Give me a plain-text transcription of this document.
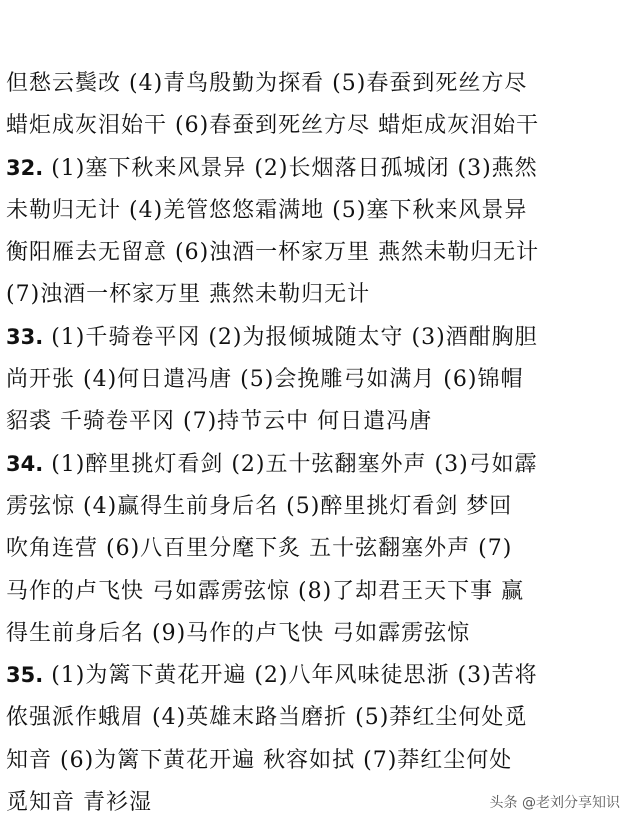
但愁云鬓改 (4)青鸟殷勤为探看 (5)春蚕到死丝方尽
蜡炬成灰泪始干 (6)春蚕到死丝方尽 蜡炬成灰泪始干
32. (1)塞下秋来风景异 (2)长烟落日孤城闭 (3)燕然
未勒归无计 (4)羌管悠悠霜满地 (5)塞下秋来风景异
衡阳雁去无留意 (6)浊酒一杯家万里 燕然未勒归无计
(7)浊酒一杯家万里 燕然未勒归无计
33. (1)千骑卷平冈 (2)为报倾城随太守 (3)酒酣胸胆
尚开张 (4)何日遣冯唐 (5)会挽雕弓如满月 (6)锦帽
貂裘 千骑卷平冈 (7)持节云中 何日遣冯唐
34. (1)醉里挑灯看剑 (2)五十弦翻塞外声 (3)弓如霹
雳弦惊 (4)赢得生前身后名 (5)醉里挑灯看剑 梦回
吹角连营 (6)八百里分麾下炙 五十弦翻塞外声 (7)
马作的卢飞快 弓如霹雳弦惊 (8)了却君王天下事 赢
得生前身后名 (9)马作的卢飞快 弓如霹雳弦惊
35. (1)为篱下黄花开遍 (2)八年风味徒思浙 (3)苦将
侬强派作蛾眉 (4)英雄末路当磨折 (5)莽红尘何处觅
知音 (6)为篱下黄花开遍 秋容如拭 (7)莽红尘何处
觅知音 青衫湿	头条 @老刘分享知识
